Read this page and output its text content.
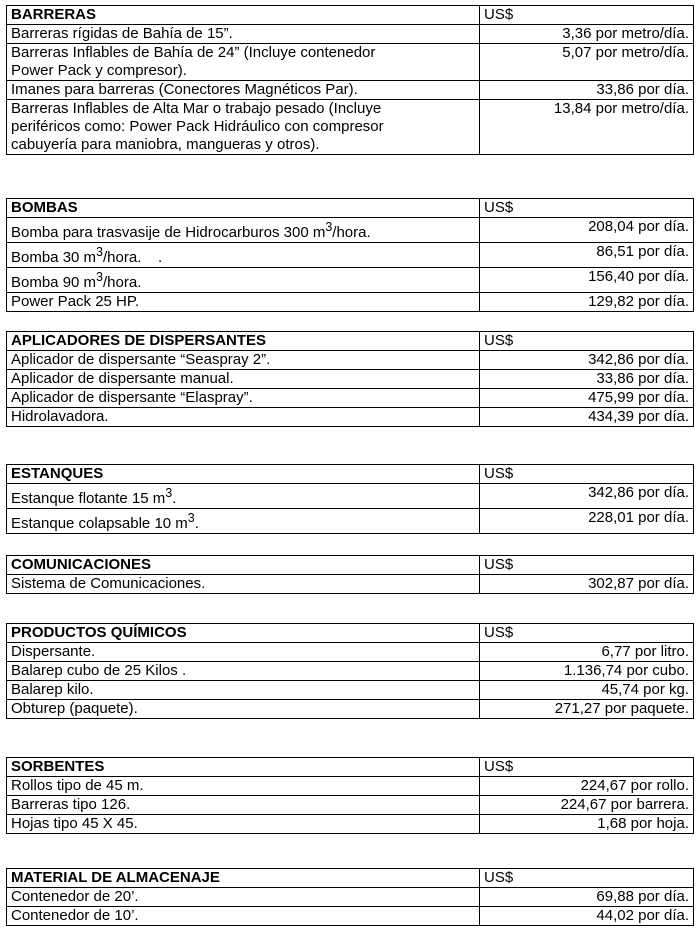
BARRERAS	US$
Barreras rígidas de Bahía de 15”.	3,36 por metro/día.
Barreras Inflables de Bahía de 24” (Incluye contenedor
Power Pack y compresor).	5,07 por metro/día.
Imanes para barreras (Conectores Magnéticos Par).	33,86 por día.
Barreras Inflables de Alta Mar o trabajo pesado (Incluye
periféricos como: Power Pack Hidráulico con compresor
cabuyería para maniobra, mangueras y otros).	13,84 por metro/día.
BOMBAS	US$
Bomba para trasvasije de Hidrocarburos 300 $m^3$/hora.	208,04 por día.
Bomba 30 $m^3$/hora.    .	86,51 por día.
Bomba 90 $m^3$/hora.	156,40 por día.
Power Pack 25 HP.	129,82 por día.
APLICADORES DE DISPERSANTES	US$
Aplicador de dispersante “Seaspray 2”.	342,86 por día.
Aplicador de dispersante manual.	33,86 por día.
Aplicador de dispersante “Elaspray”.	475,99 por día.
Hidrolavadora.	434,39 por día.
ESTANQUES	US$
Estanque flotante 15 $m^3$.	342,86 por día.
Estanque colapsable 10 $m^3$.	228,01 por día.
COMUNICACIONES	US$
Sistema de Comunicaciones.	302,87 por día.
PRODUCTOS QUÍMICOS	US$
Dispersante.	6,77 por litro.
Balarep cubo de 25 Kilos .	1.136,74 por cubo.
Balarep kilo.	45,74 por kg.
Obturep (paquete).	271,27 por paquete.
SORBENTES	US$
Rollos tipo de 45 m.	224,67 por rollo.
Barreras tipo 126.	224,67 por barrera.
Hojas tipo 45 X 45.	1,68 por hoja.
MATERIAL DE ALMACENAJE	US$
Contenedor de 20’.	69,88 por día.
Contenedor de 10’.	44,02 por día.
